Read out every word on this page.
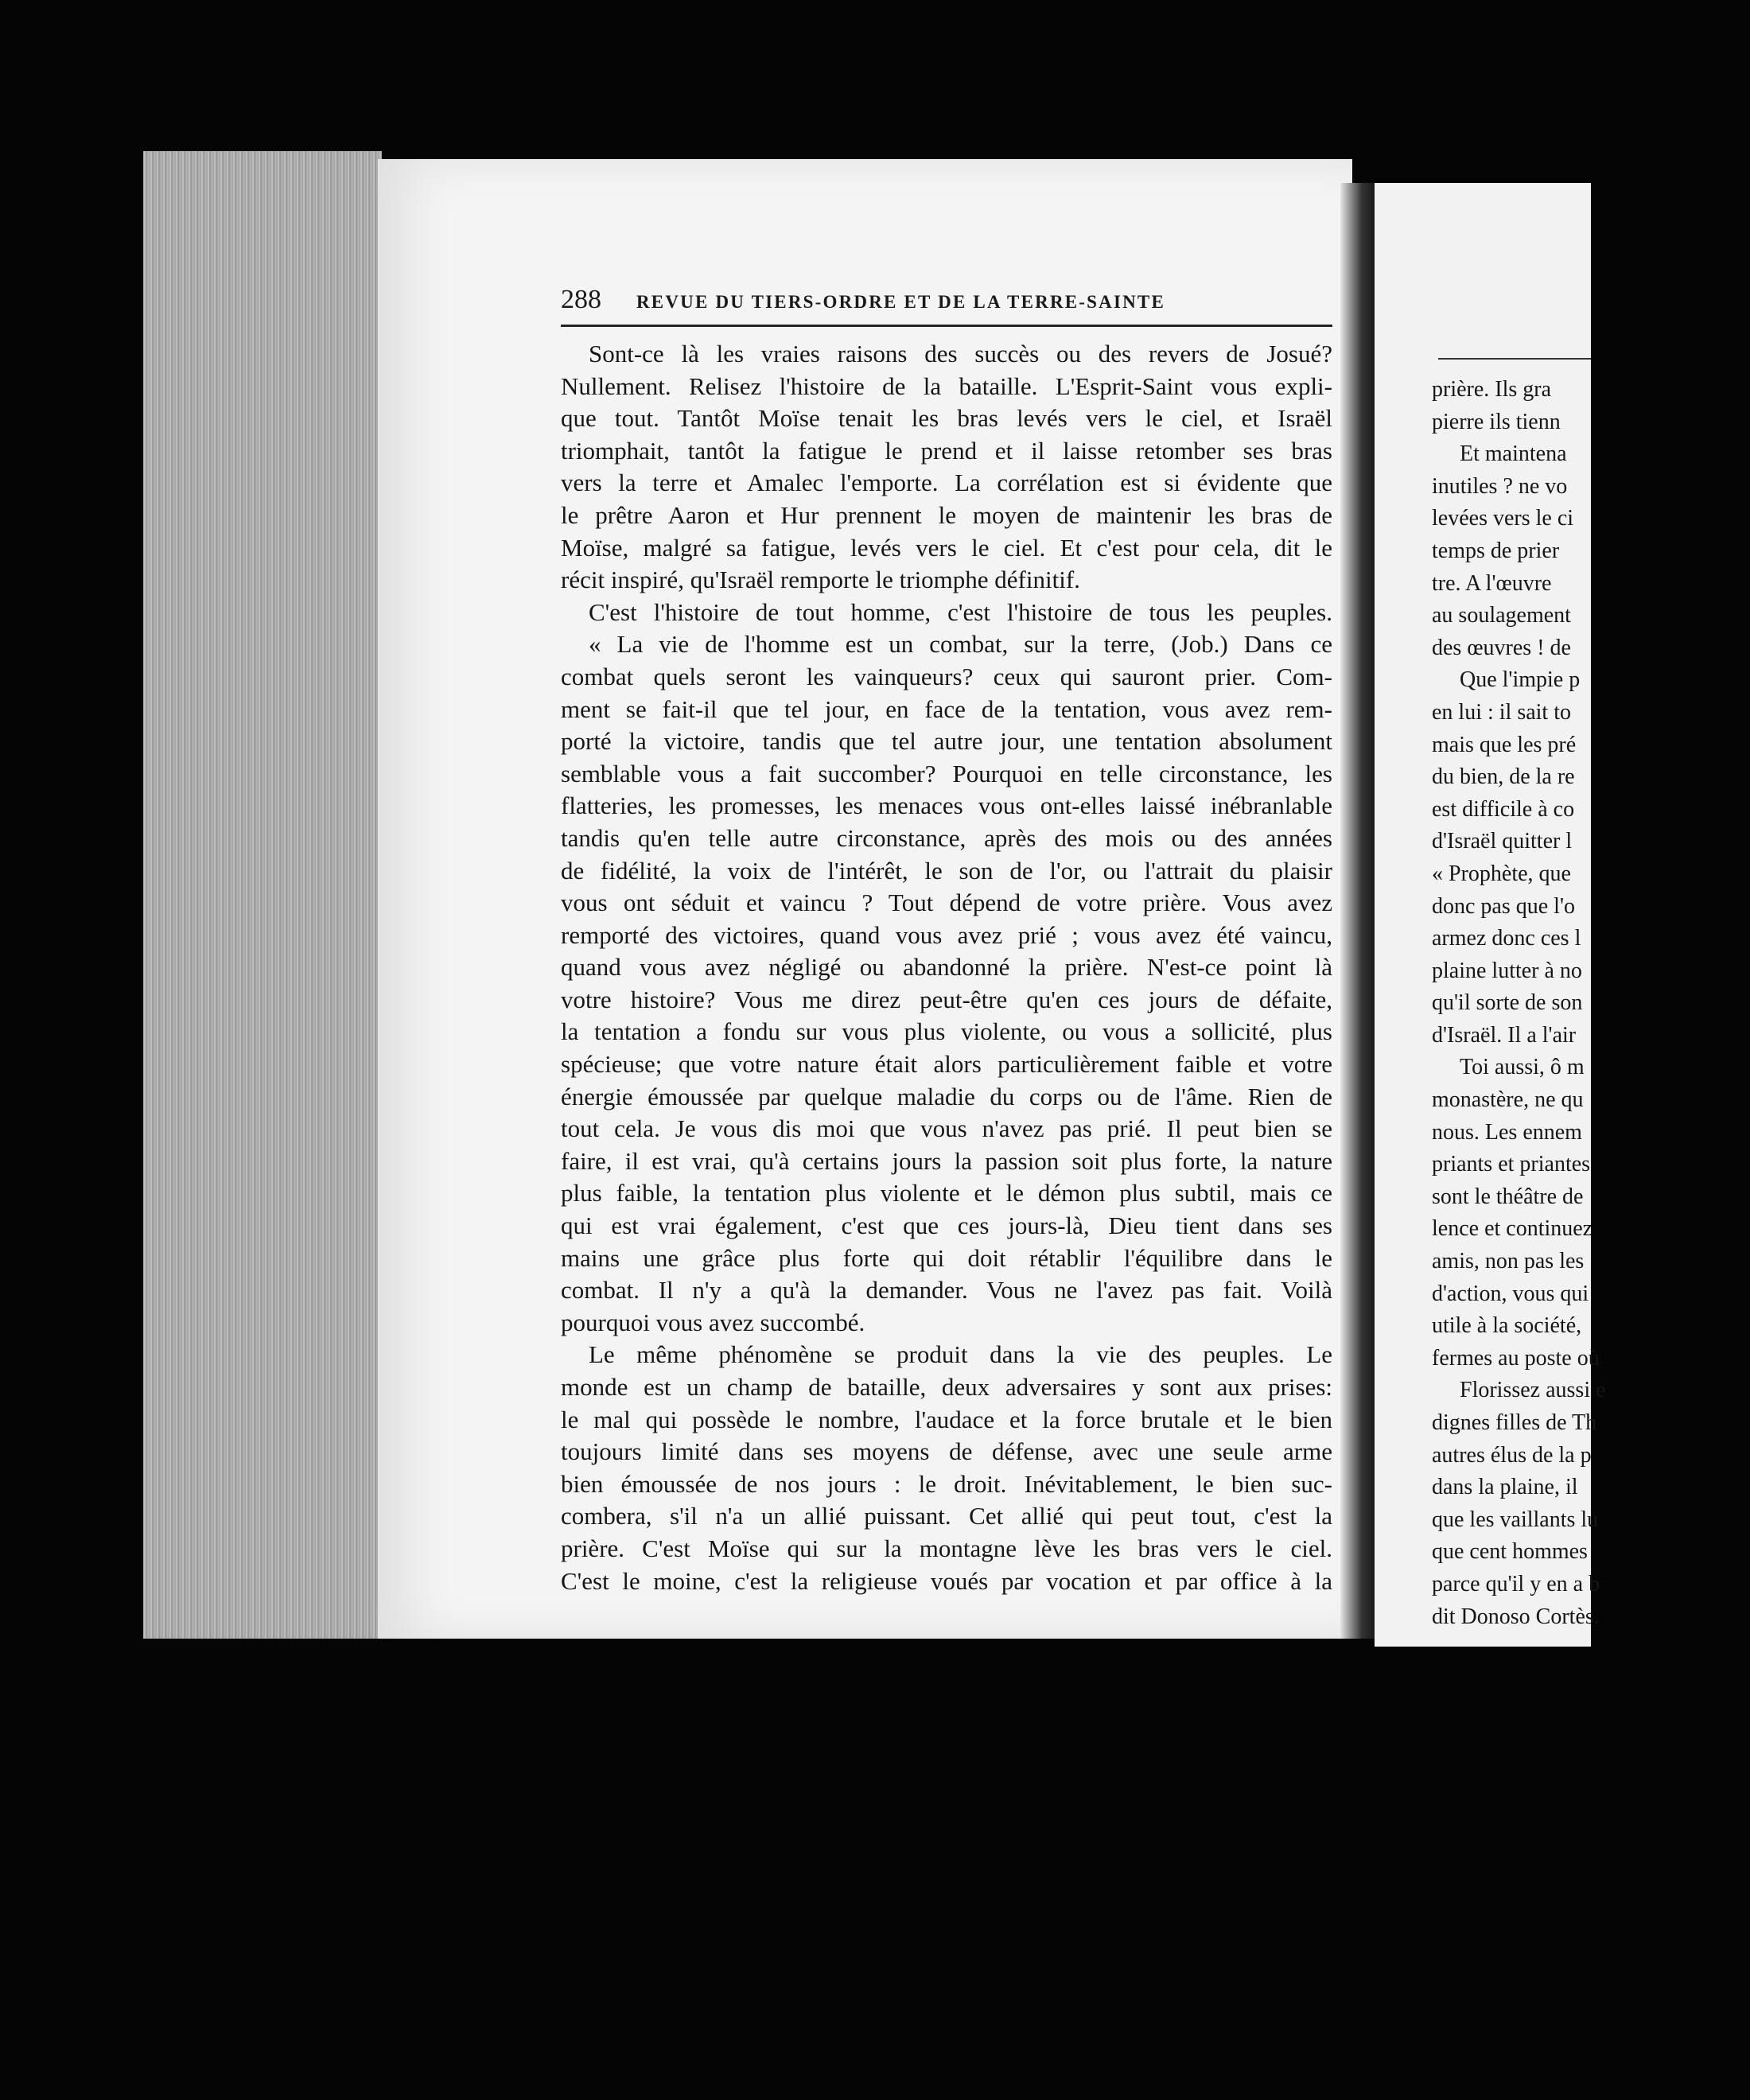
288	REVUE DU TIERS-ORDRE ET DE LA TERRE-SAINTE
Sont-ce là les vraies raisons des succès ou des revers de Josué?
Nullement. Relisez l'histoire de la bataille. L'Esprit-Saint vous expli-
que tout. Tantôt Moïse tenait les bras levés vers le ciel, et Israël
triomphait, tantôt la fatigue le prend et il laisse retomber ses bras
vers la terre et Amalec l'emporte. La corrélation est si évidente que
le prêtre Aaron et Hur prennent le moyen de maintenir les bras de
Moïse, malgré sa fatigue, levés vers le ciel. Et c'est pour cela, dit le
récit inspiré, qu'Israël remporte le triomphe définitif.
C'est l'histoire de tout homme, c'est l'histoire de tous les peuples.
« La vie de l'homme est un combat, sur la terre, (Job.) Dans ce
combat quels seront les vainqueurs? ceux qui sauront prier. Com-
ment se fait-il que tel jour, en face de la tentation, vous avez rem-
porté la victoire, tandis que tel autre jour, une tentation absolument
semblable vous a fait succomber? Pourquoi en telle circonstance, les
flatteries, les promesses, les menaces vous ont-elles laissé inébranlable
tandis qu'en telle autre circonstance, après des mois ou des années
de fidélité, la voix de l'intérêt, le son de l'or, ou l'attrait du plaisir
vous ont séduit et vaincu ? Tout dépend de votre prière. Vous avez
remporté des victoires, quand vous avez prié ; vous avez été vaincu,
quand vous avez négligé ou abandonné la prière. N'est-ce point là
votre histoire? Vous me direz peut-être qu'en ces jours de défaite,
la tentation a fondu sur vous plus violente, ou vous a sollicité, plus
spécieuse; que votre nature était alors particulièrement faible et votre
énergie émoussée par quelque maladie du corps ou de l'âme. Rien de
tout cela. Je vous dis moi que vous n'avez pas prié. Il peut bien se
faire, il est vrai, qu'à certains jours la passion soit plus forte, la nature
plus faible, la tentation plus violente et le démon plus subtil, mais ce
qui est vrai également, c'est que ces jours-là, Dieu tient dans ses
mains une grâce plus forte qui doit rétablir l'équilibre dans le
combat. Il n'y a qu'à la demander. Vous ne l'avez pas fait. Voilà
pourquoi vous avez succombé.
Le même phénomène se produit dans la vie des peuples. Le
monde est un champ de bataille, deux adversaires y sont aux prises:
le mal qui possède le nombre, l'audace et la force brutale et le bien
toujours limité dans ses moyens de défense, avec une seule arme
bien émoussée de nos jours : le droit. Inévitablement, le bien suc-
combera, s'il n'a un allié puissant. Cet allié qui peut tout, c'est la
prière. C'est Moïse qui sur la montagne lève les bras vers le ciel.
C'est le moine, c'est la religieuse voués par vocation et par office à la
prière. Ils gra
pierre ils tienn
Et maintena
inutiles ? ne vo
levées vers le ci
temps de prier
tre. A l'œuvre
au soulagement
des œuvres ! de
Que l'impie p
en lui : il sait to
mais que les pré
du bien, de la re
est difficile à co
d'Israël quitter l
« Prophète, que
donc pas que l'o
armez donc ces l
plaine lutter à no
qu'il sorte de son
d'Israël. Il a l'air
Toi aussi, ô m
monastère, ne qu
nous. Les ennem
priants et priantes
sont le théâtre de
lence et continuez
amis, non pas les
d'action, vous qui
utile à la société,
fermes au poste où
Florissez aussi e
dignes filles de Th
autres élus de la p
dans la plaine, il
que les vaillants lu
que cent hommes
parce qu'il y en a b
dit Donoso Cortès.
